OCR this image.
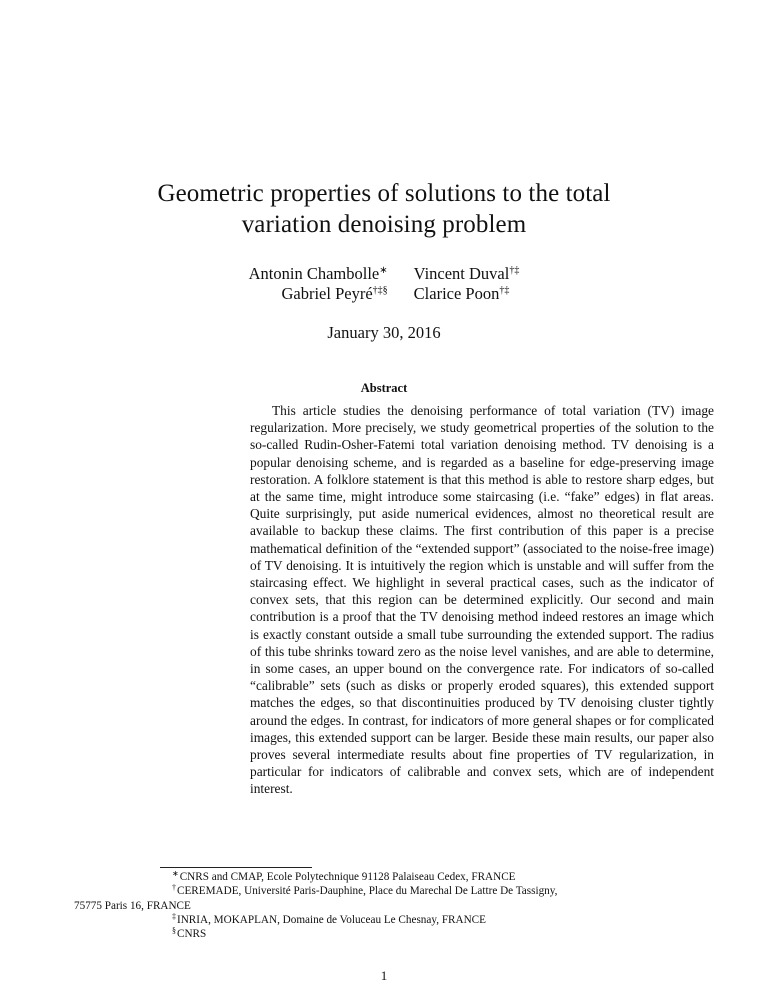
Geometric properties of solutions to the total
variation denoising problem
Antonin Chambolle∗
Gabriel Peyré†‡§
Vincent Duval†‡
Clarice Poon†‡
January 30, 2016
Abstract
This article studies the denoising performance of total variation (TV) image regularization. More precisely, we study geometrical properties of the solution to the so-called Rudin-Osher-Fatemi total variation denoising method. TV denoising is a popular denoising scheme, and is regarded as a baseline for edge-preserving image restoration. A folklore statement is that this method is able to restore sharp edges, but at the same time, might introduce some staircasing (i.e. “fake” edges) in flat areas. Quite surprisingly, put aside numerical evidences, almost no theoretical result are available to backup these claims. The first contribution of this paper is a precise mathematical definition of the “extended support” (associated to the noise-free image) of TV denoising. It is intuitively the region which is unstable and will suffer from the staircasing effect. We highlight in several practical cases, such as the indicator of convex sets, that this region can be determined explicitly. Our second and main contribution is a proof that the TV denoising method indeed restores an image which is exactly constant outside a small tube surrounding the extended support. The radius of this tube shrinks toward zero as the noise level vanishes, and are able to determine, in some cases, an upper bound on the convergence rate. For indicators of so-called “calibrable” sets (such as disks or properly eroded squares), this extended support matches the edges, so that discontinuities produced by TV denoising cluster tightly around the edges. In contrast, for indicators of more general shapes or for complicated images, this extended support can be larger. Beside these main results, our paper also proves several intermediate results about fine properties of TV regularization, in particular for indicators of calibrable and convex sets, which are of independent interest.

∗CNRS and CMAP, Ecole Polytechnique 91128 Palaiseau Cedex, FRANCE

†CEREMADE, Université Paris-Dauphine, Place du Marechal De Lattre De Tassigny,

75775 Paris 16, FRANCE

‡INRIA, MOKAPLAN, Domaine de Voluceau Le Chesnay, FRANCE

§CNRS

1
